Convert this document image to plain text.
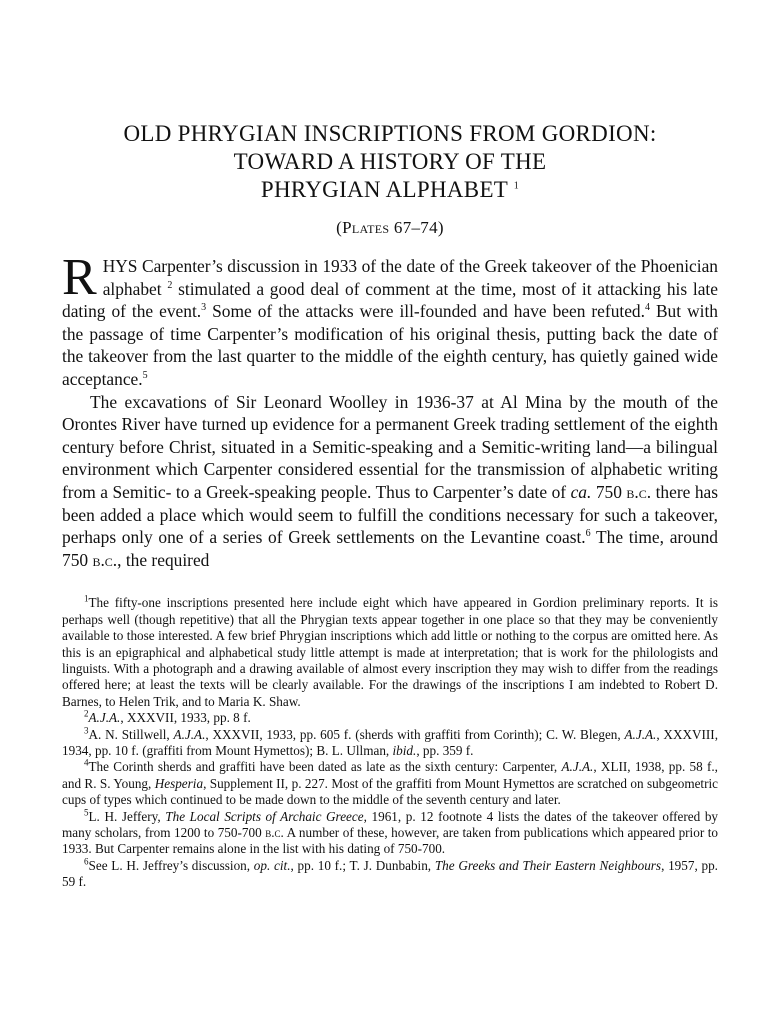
OLD PHRYGIAN INSCRIPTIONS FROM GORDION:
TOWARD A HISTORY OF THE
PHRYGIAN ALPHABET $^1$
(Plates 67–74)

RHYS Carpenter’s discussion in 1933 of the date of the Greek takeover of the Phoenician alphabet $^2$ stimulated a good deal of comment at the time, most of it attacking his late dating of the event.$^3$ Some of the attacks were ill-founded and have been refuted.$^4$ But with the passage of time Carpenter’s modification of his original thesis, putting back the date of the takeover from the last quarter to the middle of the eighth century, has quietly gained wide acceptance.$^5$

The excavations of Sir Leonard Woolley in 1936-37 at Al Mina by the mouth of the Orontes River have turned up evidence for a permanent Greek trading settlement of the eighth century before Christ, situated in a Semitic-speaking and a Semitic-writing land—a bilingual environment which Carpenter considered essential for the transmission of alphabetic writing from a Semitic- to a Greek-speaking people. Thus to Carpenter’s date of ca. 750 b.c. there has been added a place which would seem to fulfill the conditions necessary for such a takeover, perhaps only one of a series of Greek settlements on the Levantine coast.$^6$ The time, around 750 b.c., the required

$^1$The fifty-one inscriptions presented here include eight which have appeared in Gordion preliminary reports. It is perhaps well (though repetitive) that all the Phrygian texts appear together in one place so that they may be conveniently available to those interested. A few brief Phrygian inscriptions which add little or nothing to the corpus are omitted here. As this is an epigraphical and alphabetical study little attempt is made at interpretation; that is work for the philologists and linguists. With a photograph and a drawing available of almost every inscription they may wish to differ from the readings offered here; at least the texts will be clearly available. For the drawings of the inscriptions I am indebted to Robert D. Barnes, to Helen Trik, and to Maria K. Shaw.

$^2$A.J.A., XXXVII, 1933, pp. 8 f.

$^3$A. N. Stillwell, A.J.A., XXXVII, 1933, pp. 605 f. (sherds with graffiti from Corinth); C. W. Blegen, A.J.A., XXXVIII, 1934, pp. 10 f. (graffiti from Mount Hymettos); B. L. Ullman, ibid., pp. 359 f.

$^4$The Corinth sherds and graffiti have been dated as late as the sixth century: Carpenter, A.J.A., XLII, 1938, pp. 58 f., and R. S. Young, Hesperia, Supplement II, p. 227. Most of the graffiti from Mount Hymettos are scratched on subgeometric cups of types which continued to be made down to the middle of the seventh century and later.

$^5$L. H. Jeffery, The Local Scripts of Archaic Greece, 1961, p. 12 footnote 4 lists the dates of the takeover offered by many scholars, from 1200 to 750-700 b.c. A number of these, however, are taken from publications which appeared prior to 1933. But Carpenter remains alone in the list with his dating of 750-700.

$^6$See L. H. Jeffrey’s discussion, op. cit., pp. 10 f.; T. J. Dunbabin, The Greeks and Their Eastern Neighbours, 1957, pp. 59 f.
